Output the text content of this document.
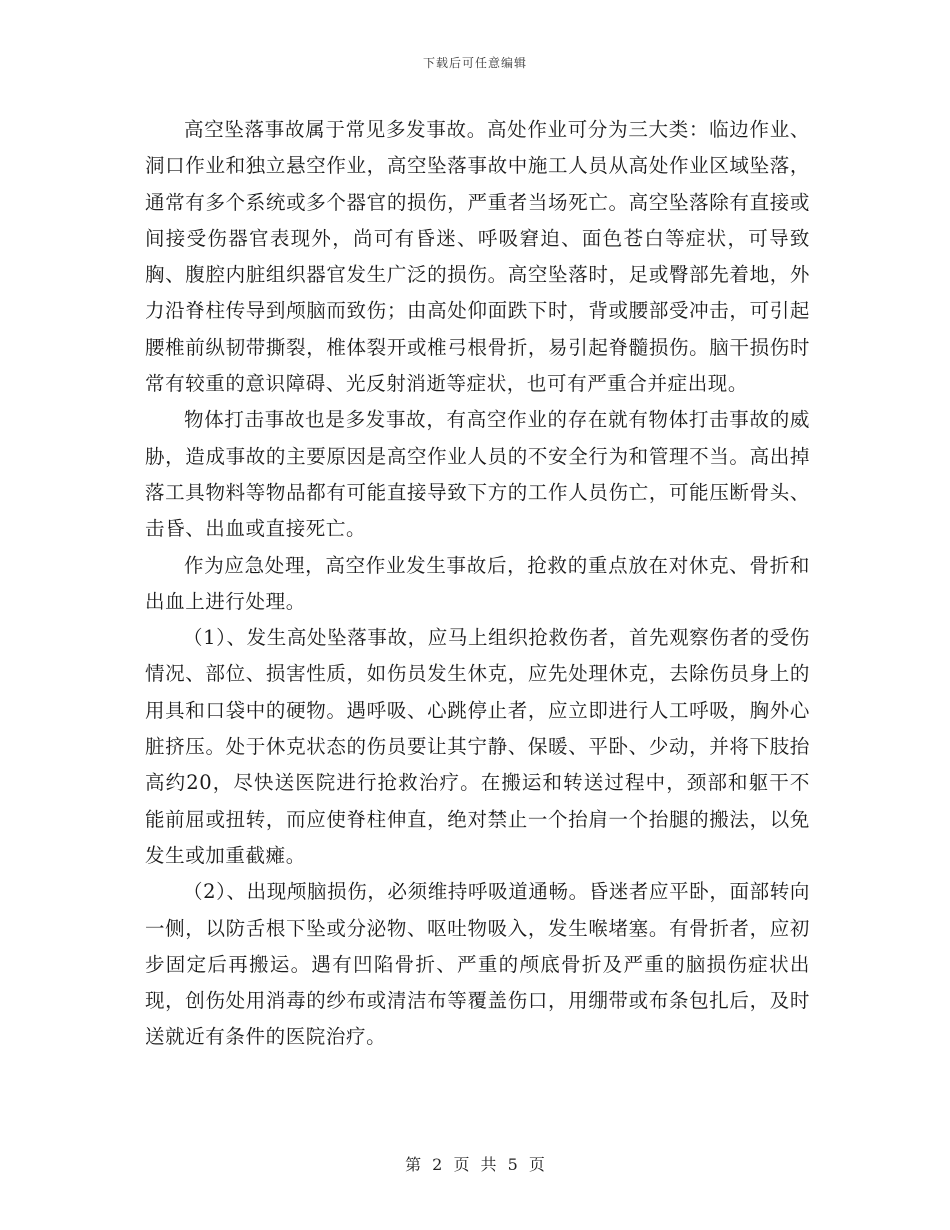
下载后可任意编辑

高空坠落事故属于常见多发事故。高处作业可分为三大类：临边作业、洞口作业和独立悬空作业，高空坠落事故中施工人员从高处作业区域坠落，通常有多个系统或多个器官的损伤，严重者当场死亡。高空坠落除有直接或间接受伤器官表现外，尚可有昏迷、呼吸窘迫、面色苍白等症状，可导致胸、腹腔内脏组织器官发生广泛的损伤。高空坠落时，足或臀部先着地，外力沿脊柱传导到颅脑而致伤；由高处仰面跌下时，背或腰部受冲击，可引起腰椎前纵韧带撕裂，椎体裂开或椎弓根骨折，易引起脊髓损伤。脑干损伤时常有较重的意识障碍、光反射消逝等症状，也可有严重合并症出现。

物体打击事故也是多发事故，有高空作业的存在就有物体打击事故的威胁，造成事故的主要原因是高空作业人员的不安全行为和管理不当。高出掉落工具物料等物品都有可能直接导致下方的工作人员伤亡，可能压断骨头、击昏、出血或直接死亡。

作为应急处理，高空作业发生事故后，抢救的重点放在对休克、骨折和出血上进行处理。

（1）、发生高处坠落事故，应马上组织抢救伤者，首先观察伤者的受伤情况、部位、损害性质，如伤员发生休克，应先处理休克，去除伤员身上的用具和口袋中的硬物。遇呼吸、心跳停止者，应立即进行人工呼吸，胸外心脏挤压。处于休克状态的伤员要让其宁静、保暖、平卧、少动，并将下肢抬高约20，尽快送医院进行抢救治疗。在搬运和转送过程中，颈部和躯干不能前屈或扭转，而应使脊柱伸直，绝对禁止一个抬肩一个抬腿的搬法，以免发生或加重截瘫。

（2）、出现颅脑损伤，必须维持呼吸道通畅。昏迷者应平卧，面部转向一侧，以防舌根下坠或分泌物、呕吐物吸入，发生喉堵塞。有骨折者，应初步固定后再搬运。遇有凹陷骨折、严重的颅底骨折及严重的脑损伤症状出现，创伤处用消毒的纱布或清洁布等覆盖伤口，用绷带或布条包扎后，及时送就近有条件的医院治疗。

第 2 页 共 5 页
